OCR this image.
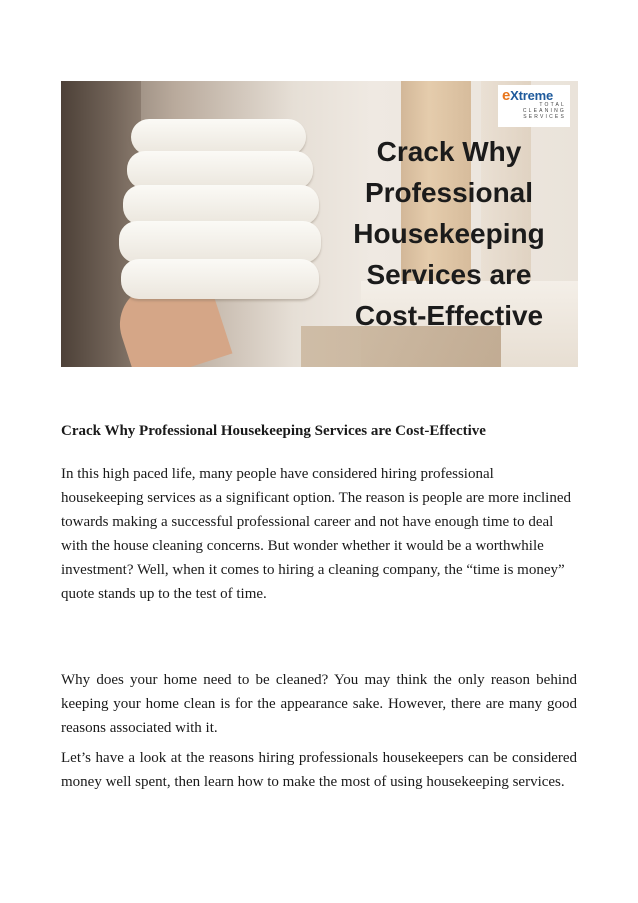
Crack Why Professional Housekeeping Services are Cost-Effective
eXtreme
TOTAL
CLEANING
SERVICES
Crack Why Professional Housekeeping Services are Cost-Effective

In this high paced life, many people have considered hiring professional housekeeping services as a significant option. The reason is people are more inclined towards making a successful professional career and not have enough time to deal with the house cleaning concerns. But wonder whether it would be a worthwhile investment? Well, when it comes to hiring a cleaning company, the “time is money” quote stands up to the test of time.

Why does your home need to be cleaned? You may think the only reason behind keeping your home clean is for the appearance sake. However, there are many good reasons associated with it.

Let’s have a look at the reasons hiring professionals housekeepers can be considered money well spent, then learn how to make the most of using housekeeping services.
